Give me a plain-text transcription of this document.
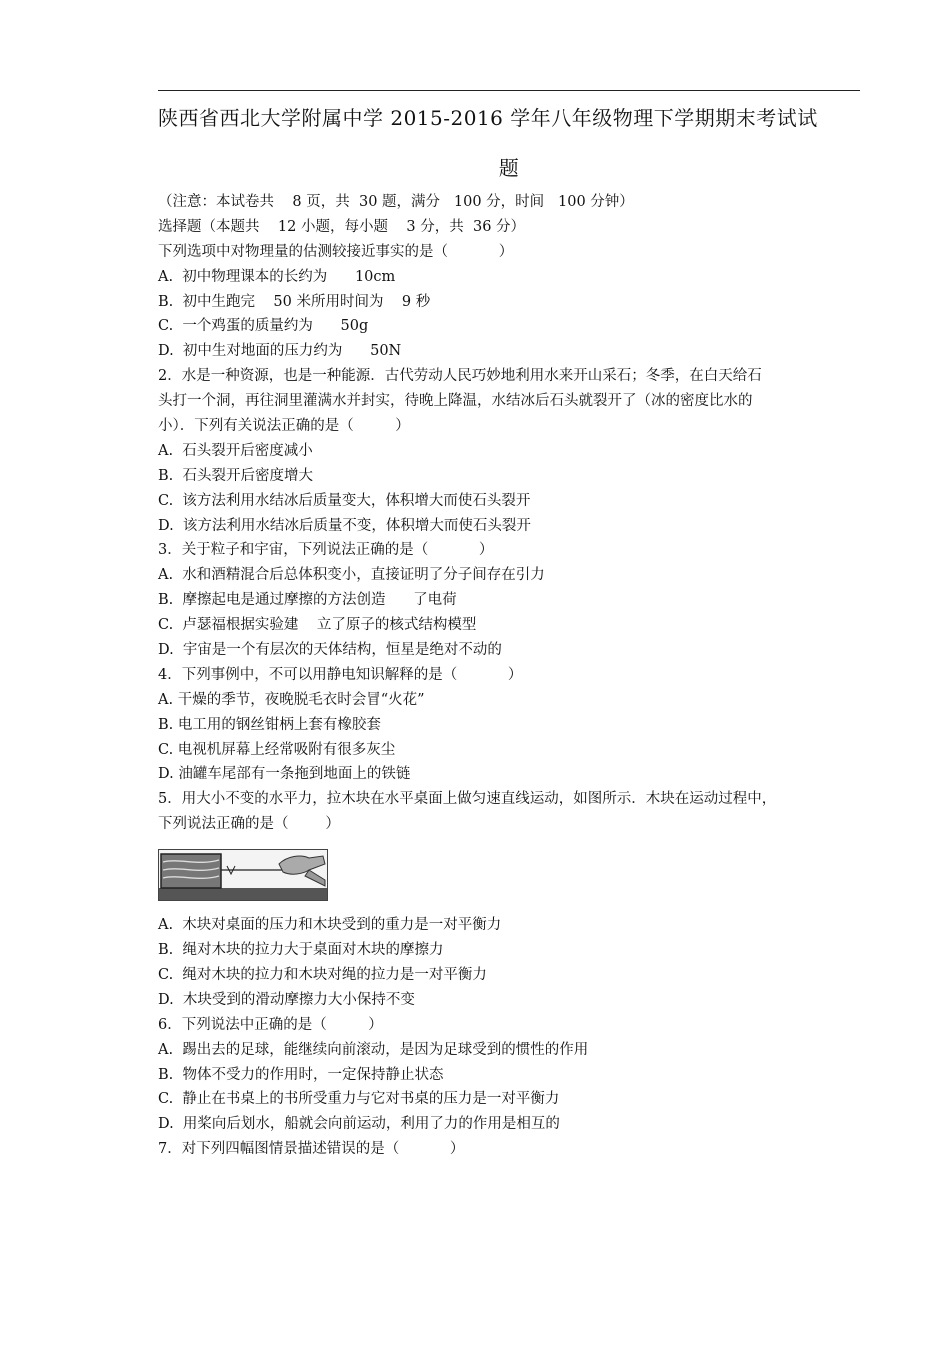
陕西省西北大学附属中学 2015-2016 学年八年级物理下学期期末考试试
题
（注意：本试卷共    8 页，共  30 题，满分   100 分，时间   100 分钟）
选择题（本题共    12 小题，每小题    3 分，共  36 分）
下列选项中对物理量的估测较接近事实的是（           ）
A.  初中物理课本的长约为      10cm
B.  初中生跑完    50 米所用时间为    9 秒
C.  一个鸡蛋的质量约为      50g
D.  初中生对地面的压力约为      50N
2．水是一种资源，也是一种能源．古代劳动人民巧妙地利用水来开山采石；冬季，在白天给石
头打一个洞，再往洞里灌满水并封实，待晚上降温，水结冰后石头就裂开了（冰的密度比水的
小）．下列有关说法正确的是（         ）
A.  石头裂开后密度减小
B.  石头裂开后密度增大
C.  该方法利用水结冰后质量变大，体积增大而使石头裂开
D.  该方法利用水结冰后质量不变，体积增大而使石头裂开
3．关于粒子和宇宙，下列说法正确的是（           ）
A.  水和酒精混合后总体积变小，直接证明了分子间存在引力
B.  摩擦起电是通过摩擦的方法创造      了电荷
C.  卢瑟福根据实验建    立了原子的核式结构模型
D.  宇宙是一个有层次的天体结构，恒星是绝对不动的
4．下列事例中，不可以用静电知识解释的是（           ）
A. 干燥的季节，夜晚脱毛衣时会冒“火花”
B. 电工用的钢丝钳柄上套有橡胶套
C. 电视机屏幕上经常吸附有很多灰尘
D. 油罐车尾部有一条拖到地面上的铁链
5．用大小不变的水平力，拉木块在水平桌面上做匀速直线运动，如图所示．木块在运动过程中，
下列说法正确的是（        ）
A.  木块对桌面的压力和木块受到的重力是一对平衡力
B.  绳对木块的拉力大于桌面对木块的摩擦力
C.  绳对木块的拉力和木块对绳的拉力是一对平衡力
D.  木块受到的滑动摩擦力大小保持不变
6．下列说法中正确的是（         ）
A.  踢出去的足球，能继续向前滚动，是因为足球受到的惯性的作用
B.  物体不受力的作用时，一定保持静止状态
C.  静止在书桌上的书所受重力与它对书桌的压力是一对平衡力
D.  用桨向后划水，船就会向前运动，利用了力的作用是相互的
7．对下列四幅图情景描述错误的是（           ）
